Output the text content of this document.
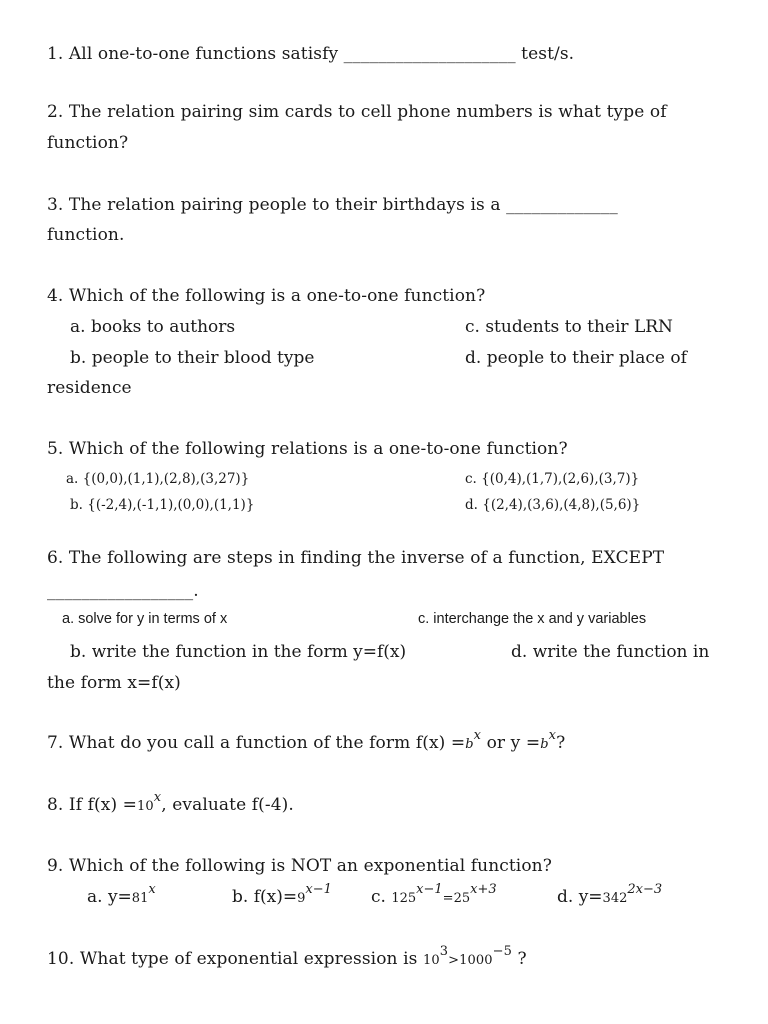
1. All one-to-one functions satisfy ____________________ test/s.
2. The relation pairing sim cards to cell phone numbers is what type of
function?
3. The relation pairing people to their birthdays is a _____________
function.
4. Which of the following is a one-to-one function?
a. books to authors	c. students to their LRN
b. people to their blood type	d. people to their place of
residence
5. Which of the following relations is a one-to-one function?
a. {(0,0),(1,1),(2,8),(3,27)}	c. {(0,4),(1,7),(2,6),(3,7)}
b. {(-2,4),(-1,1),(0,0),(1,1)}	d. {(2,4),(3,6),(4,8),(5,6)}
6. The following are steps in finding the inverse of a function, EXCEPT
_________________.
a. solve for y in terms of x	c. interchange the x and y variables
b. write the function in the form y=f(x)	d. write the function in
the form x=f(x)
7. What do you call a function of the form $f(x) =b^x$ or $y =b^x$?
8. If $f(x) =10^x$, evaluate f(-4).
9. Which of the following is NOT an exponential function?
a. $y=81^x$	b. $f(x)=9^{x-1}$ c. $125^{x-1}=25^{x+3}$	d. $y=342^{2x-3}$
10. What type of exponential expression is $10^3>1000^{-5}$ ?
